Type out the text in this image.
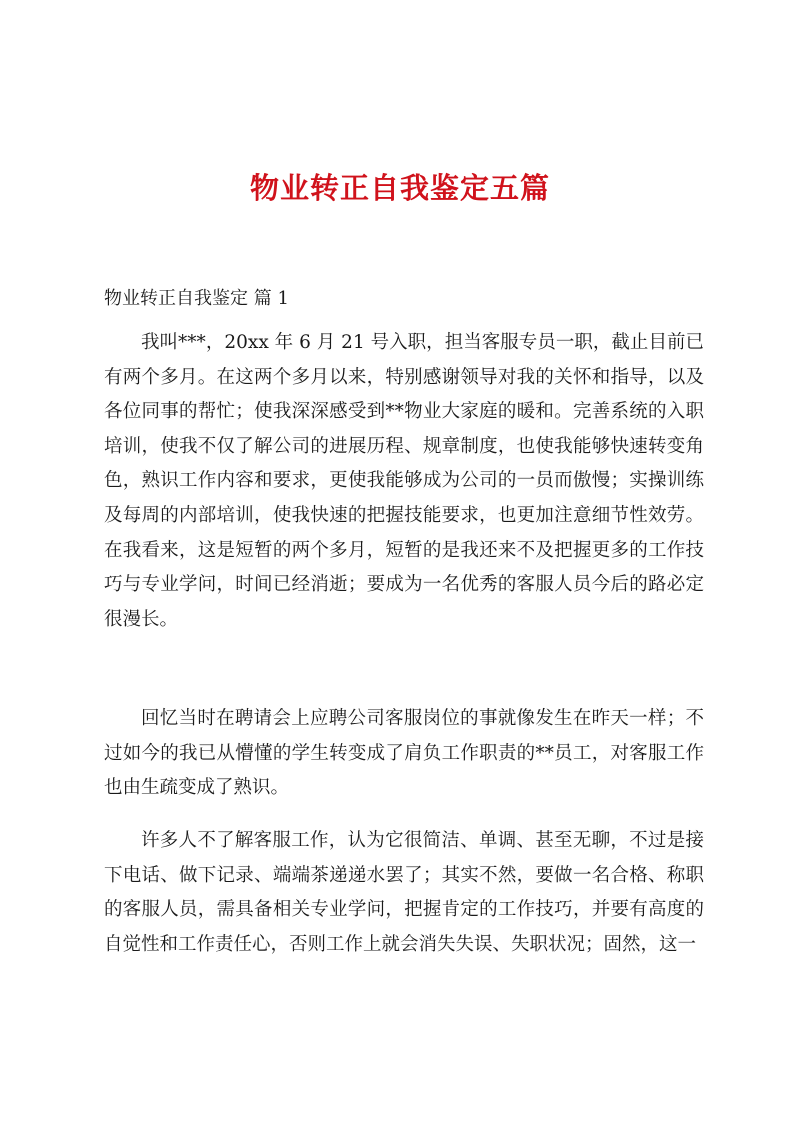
物业转正自我鉴定五篇
物业转正自我鉴定 篇 1

我叫***，20xx 年 6 月 21 号入职，担当客服专员一职，截止目前已有两个多月。在这两个多月以来，特别感谢领导对我的关怀和指导，以及各位同事的帮忙；使我深深感受到**物业大家庭的暖和。完善系统的入职培训，使我不仅了解公司的进展历程、规章制度，也使我能够快速转变角色，熟识工作内容和要求，更使我能够成为公司的一员而傲慢；实操训练及每周的内部培训，使我快速的把握技能要求，也更加注意细节性效劳。在我看来，这是短暂的两个多月，短暂的是我还来不及把握更多的工作技巧与专业学问，时间已经消逝；要成为一名优秀的客服人员今后的路必定很漫长。

回忆当时在聘请会上应聘公司客服岗位的事就像发生在昨天一样；不过如今的我已从懵懂的学生转变成了肩负工作职责的**员工，对客服工作也由生疏变成了熟识。

许多人不了解客服工作，认为它很简洁、单调、甚至无聊，不过是接下电话、做下记录、端端茶递递水罢了；其实不然，要做一名合格、称职的客服人员，需具备相关专业学问，把握肯定的工作技巧，并要有高度的自觉性和工作责任心，否则工作上就会消失失误、失职状况；固然，这一
